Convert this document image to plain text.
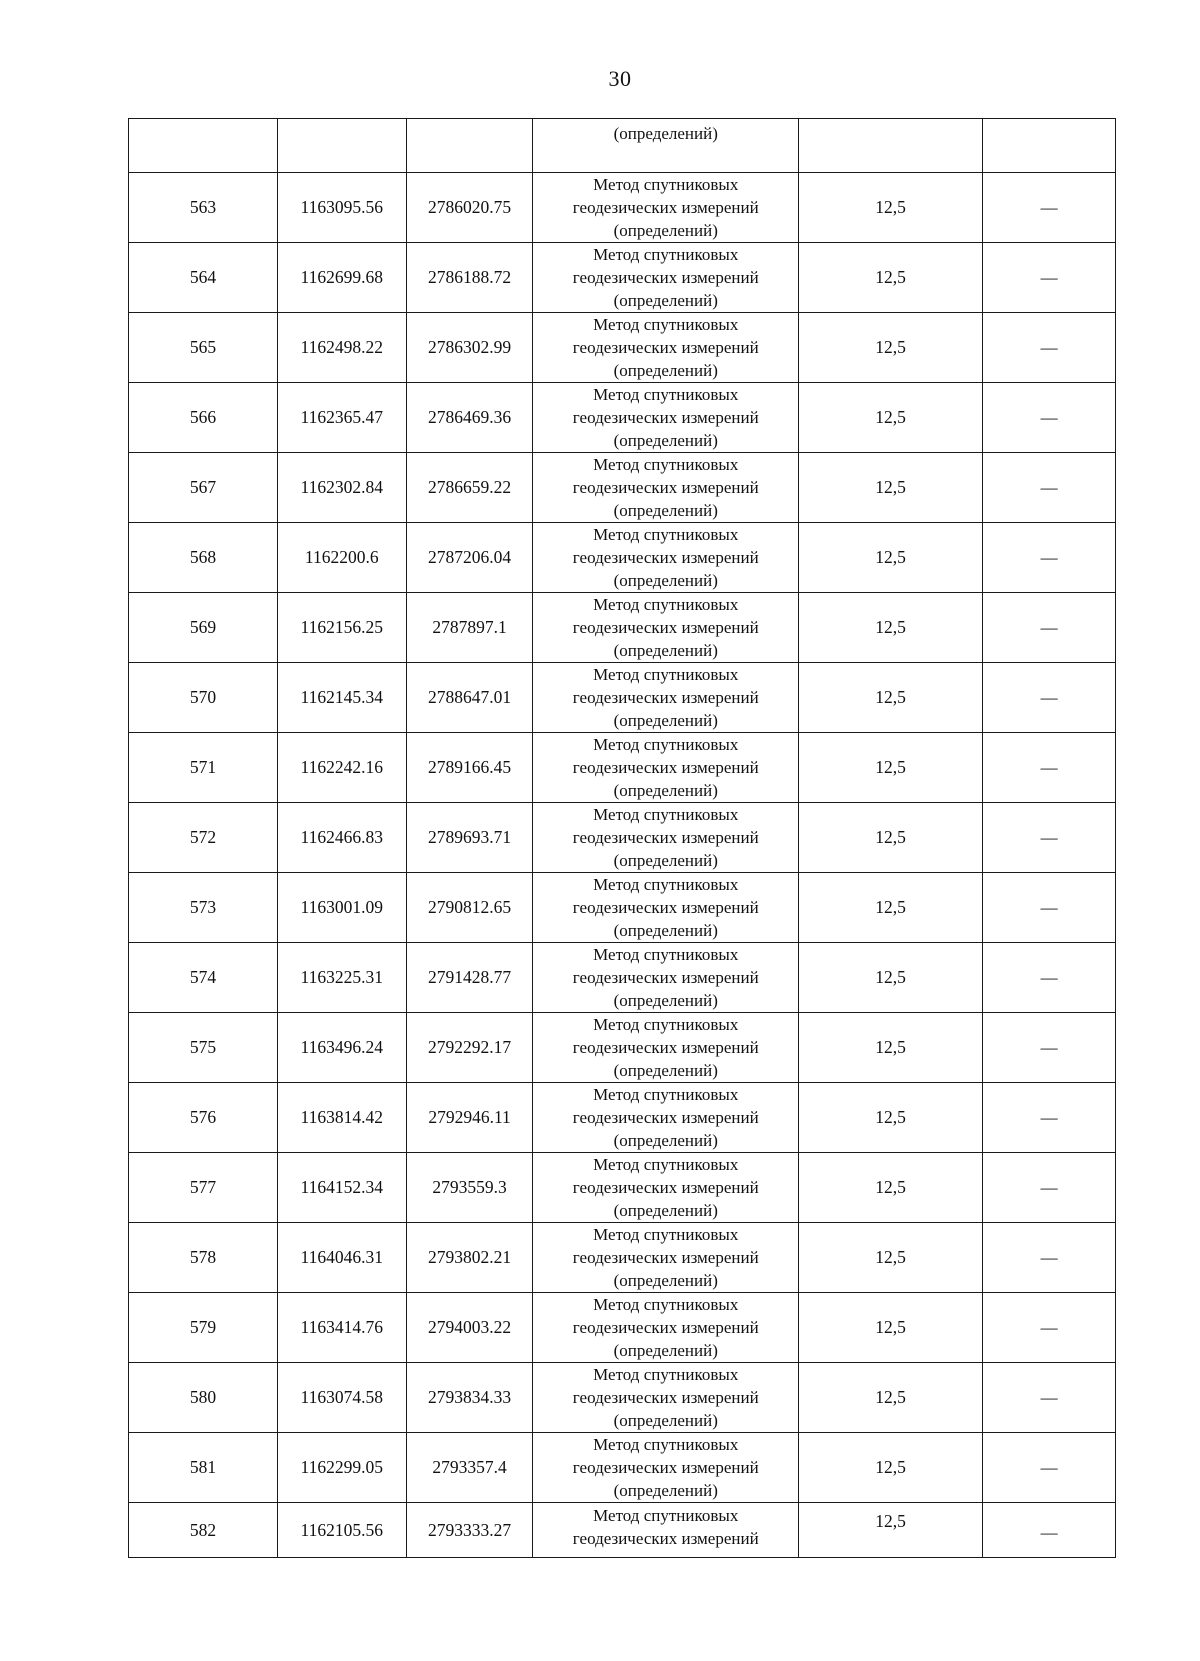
30

			(определений)		

563	1163095.56	2786020.75	Метод спутниковых
геодезических измерений
(определений)	12,5	—
564	1162699.68	2786188.72	Метод спутниковых
геодезических измерений
(определений)	12,5	—
565	1162498.22	2786302.99	Метод спутниковых
геодезических измерений
(определений)	12,5	—
566	1162365.47	2786469.36	Метод спутниковых
геодезических измерений
(определений)	12,5	—
567	1162302.84	2786659.22	Метод спутниковых
геодезических измерений
(определений)	12,5	—
568	1162200.6	2787206.04	Метод спутниковых
геодезических измерений
(определений)	12,5	—
569	1162156.25	2787897.1	Метод спутниковых
геодезических измерений
(определений)	12,5	—
570	1162145.34	2788647.01	Метод спутниковых
геодезических измерений
(определений)	12,5	—
571	1162242.16	2789166.45	Метод спутниковых
геодезических измерений
(определений)	12,5	—
572	1162466.83	2789693.71	Метод спутниковых
геодезических измерений
(определений)	12,5	—
573	1163001.09	2790812.65	Метод спутниковых
геодезических измерений
(определений)	12,5	—
574	1163225.31	2791428.77	Метод спутниковых
геодезических измерений
(определений)	12,5	—
575	1163496.24	2792292.17	Метод спутниковых
геодезических измерений
(определений)	12,5	—
576	1163814.42	2792946.11	Метод спутниковых
геодезических измерений
(определений)	12,5	—
577	1164152.34	2793559.3	Метод спутниковых
геодезических измерений
(определений)	12,5	—
578	1164046.31	2793802.21	Метод спутниковых
геодезических измерений
(определений)	12,5	—
579	1163414.76	2794003.22	Метод спутниковых
геодезических измерений
(определений)	12,5	—
580	1163074.58	2793834.33	Метод спутниковых
геодезических измерений
(определений)	12,5	—
581	1162299.05	2793357.4	Метод спутниковых
геодезических измерений
(определений)	12,5	—
582	1162105.56	2793333.27	Метод спутниковых
геодезических измерений	12,5	—
